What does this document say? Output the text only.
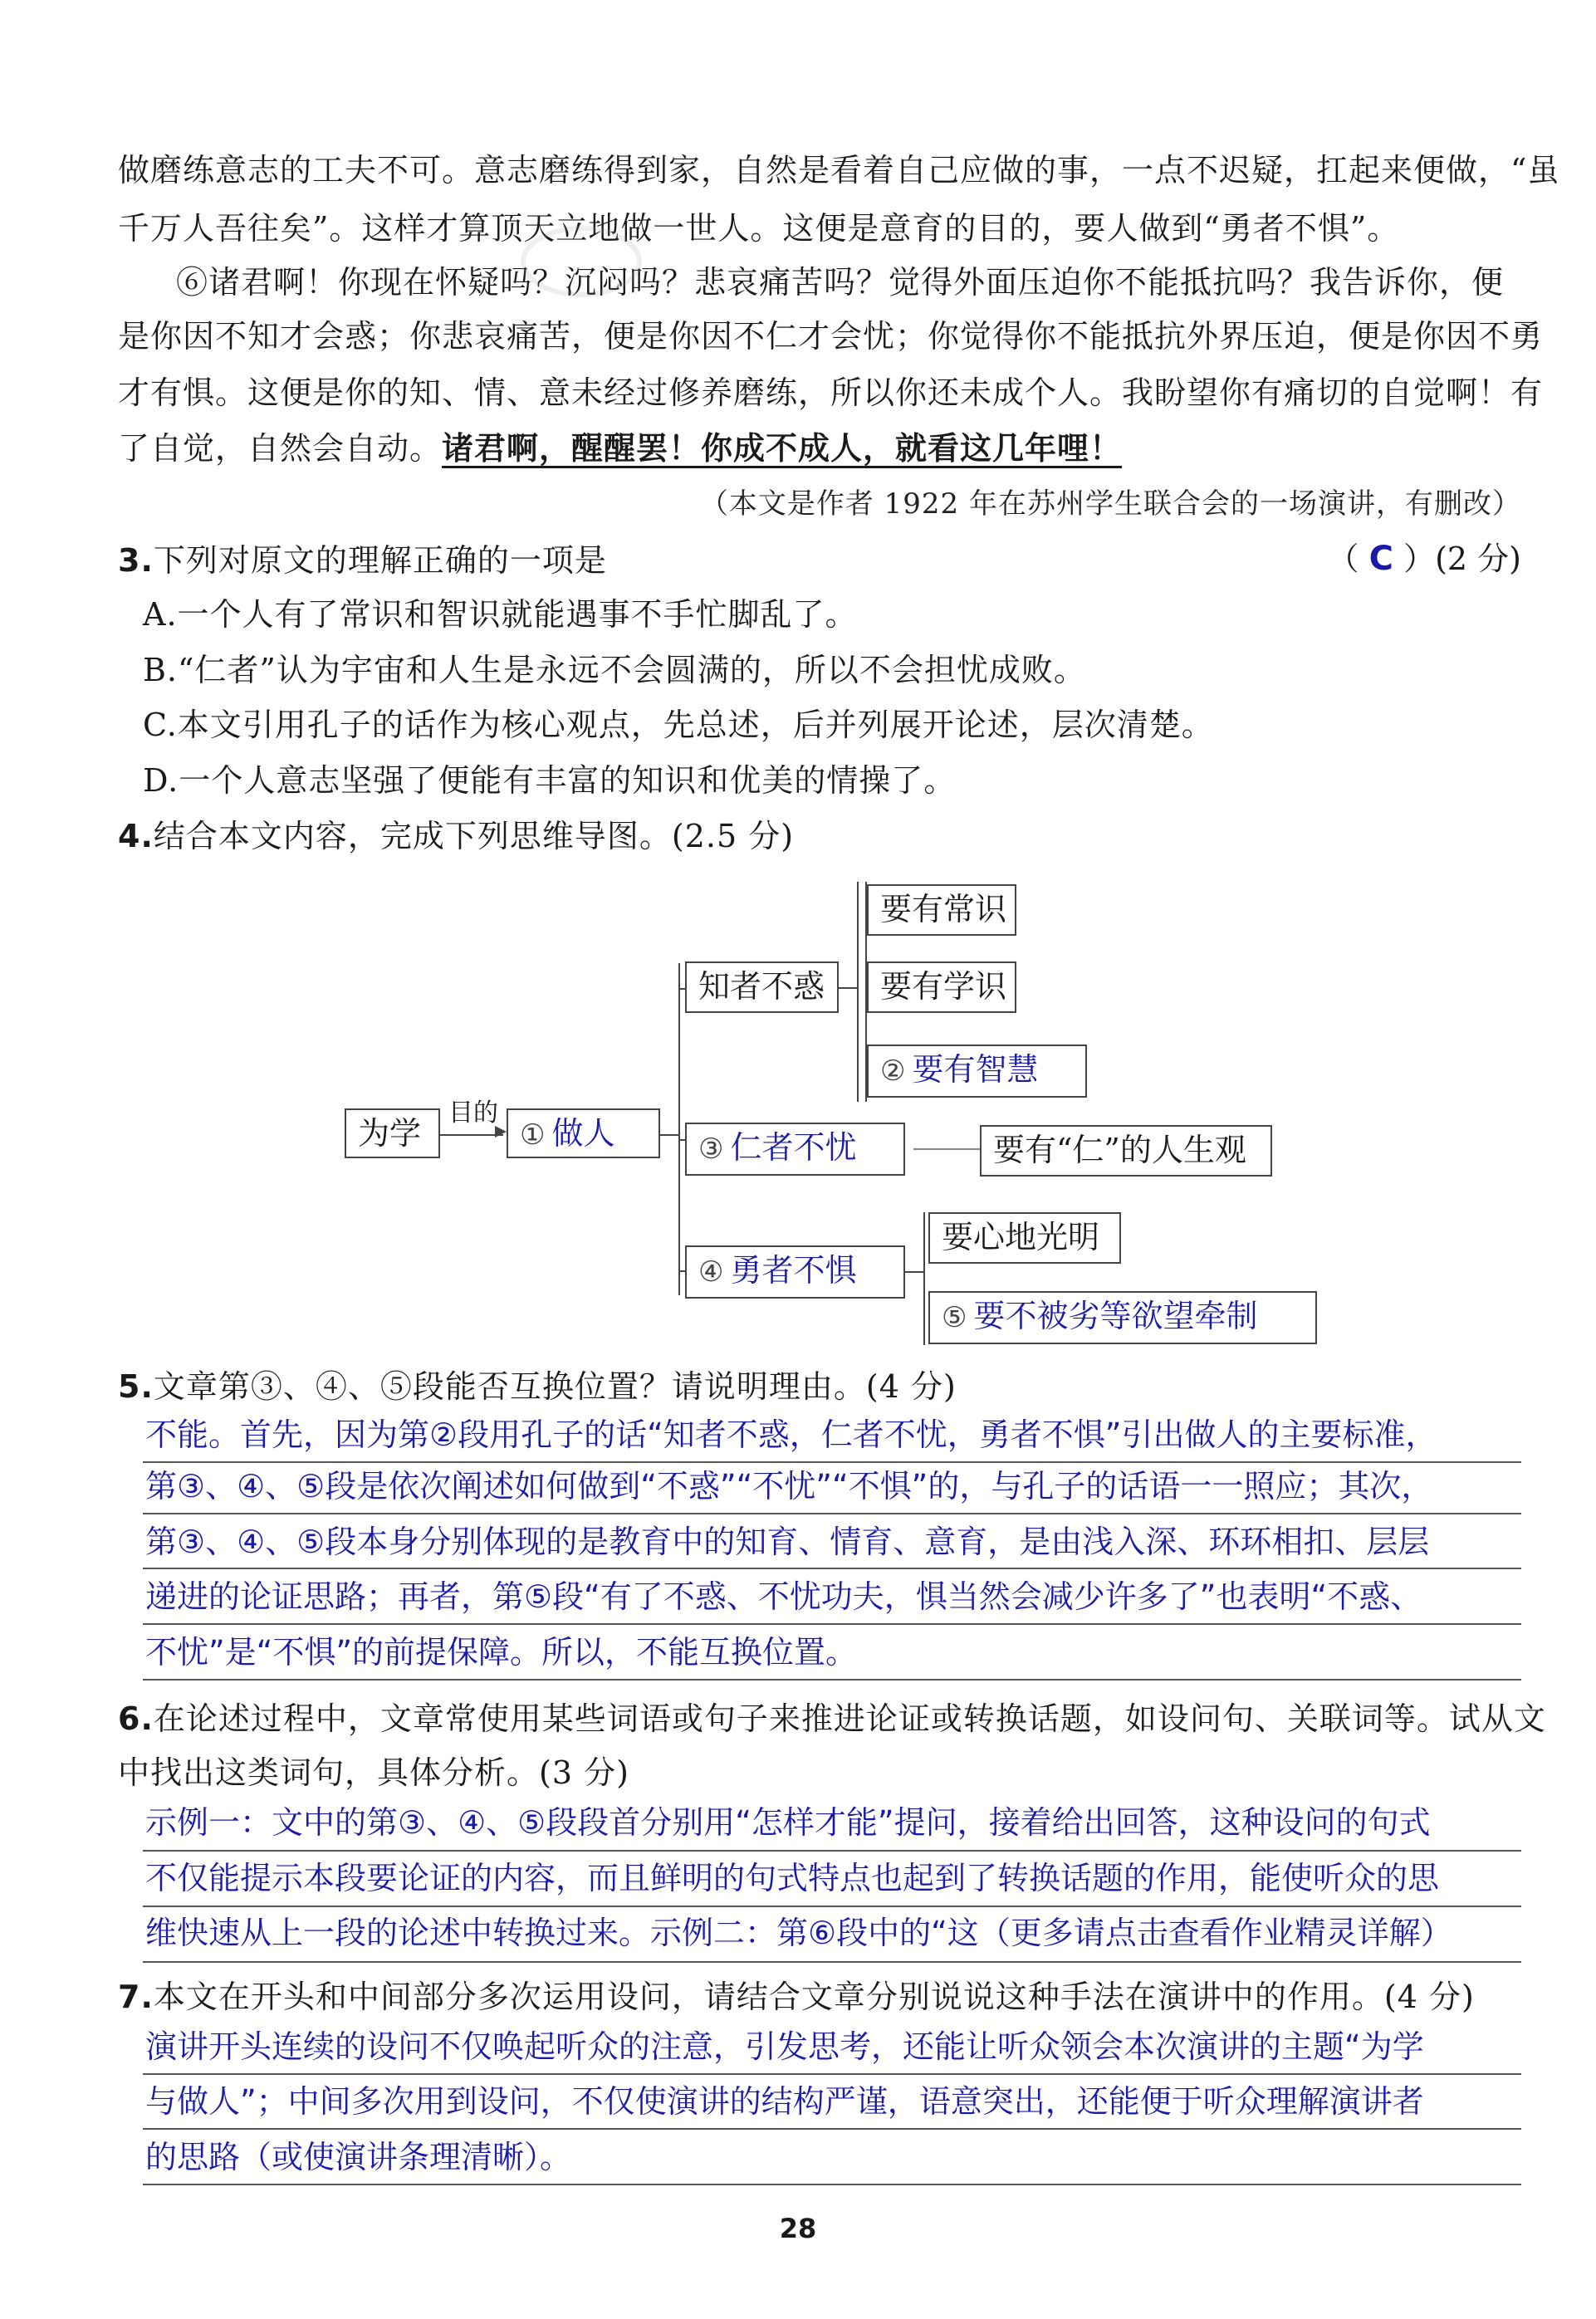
做磨练意志的工夫不可。意志磨练得到家，自然是看着自己应做的事，一点不迟疑，扛起来便做，“虽
千万人吾往矣”。这样才算顶天立地做一世人。这便是意育的目的，要人做到“勇者不惧”。
⑥诸君啊！你现在怀疑吗？沉闷吗？悲哀痛苦吗？觉得外面压迫你不能抵抗吗？我告诉你，便
是你因不知才会惑；你悲哀痛苦，便是你因不仁才会忧；你觉得你不能抵抗外界压迫，便是你因不勇
才有惧。这便是你的知、情、意未经过修养磨练，所以你还未成个人。我盼望你有痛切的自觉啊！有
了自觉，自然会自动。诸君啊，醒醒罢！你成不成人，就看这几年哩！
（本文是作者 1922 年在苏州学生联合会的一场演讲，有删改）
3.下列对原文的理解正确的一项是	（ C ）(2 分)
A.一个人有了常识和智识就能遇事不手忙脚乱了。
B.“仁者”认为宇宙和人生是永远不会圆满的，所以不会担忧成败。
C.本文引用孔子的话作为核心观点，先总述，后并列展开论述，层次清楚。
D.一个人意志坚强了便能有丰富的知识和优美的情操了。
4.结合本文内容，完成下列思维导图。(2.5 分)
为学
目的
① 做人
知者不惑
要有常识
要有学识
② 要有智慧
③ 仁者不忧	要有“仁”的人生观
④ 勇者不惧
要心地光明
⑤ 要不被劣等欲望牵制
5.文章第③、④、⑤段能否互换位置？请说明理由。(4 分)
不能。首先，因为第②段用孔子的话“知者不惑，仁者不忧，勇者不惧”引出做人的主要标准，
第③、④、⑤段是依次阐述如何做到“不惑”“不忧”“不惧”的，与孔子的话语一一照应；其次，
第③、④、⑤段本身分别体现的是教育中的知育、情育、意育，是由浅入深、环环相扣、层层
递进的论证思路；再者，第⑤段“有了不惑、不忧功夫，惧当然会减少许多了”也表明“不惑、
不忧”是“不惧”的前提保障。所以，不能互换位置。
6.在论述过程中，文章常使用某些词语或句子来推进论证或转换话题，如设问句、关联词等。试从文
中找出这类词句，具体分析。(3 分)
示例一：文中的第③、④、⑤段段首分别用“怎样才能”提问，接着给出回答，这种设问的句式
不仅能提示本段要论证的内容，而且鲜明的句式特点也起到了转换话题的作用，能使听众的思
维快速从上一段的论述中转换过来。示例二：第⑥段中的“这（更多请点击查看作业精灵详解）
7.本文在开头和中间部分多次运用设问，请结合文章分别说说这种手法在演讲中的作用。(4 分)
演讲开头连续的设问不仅唤起听众的注意，引发思考，还能让听众领会本次演讲的主题“为学
与做人”；中间多次用到设问，不仅使演讲的结构严谨，语意突出，还能便于听众理解演讲者
的思路（或使演讲条理清晰）。
28
